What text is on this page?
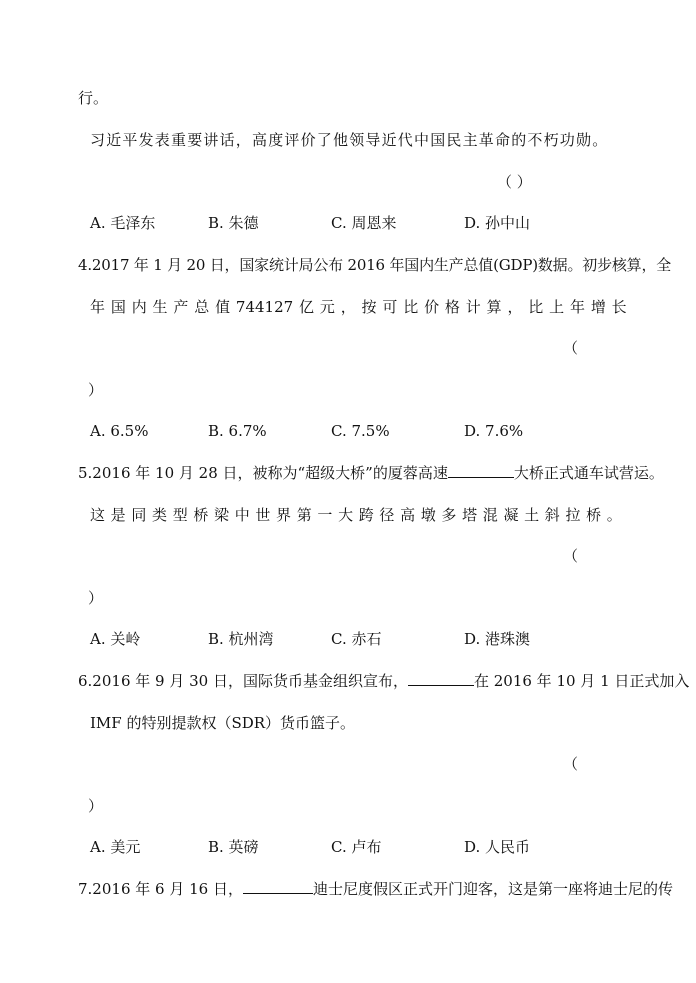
行。
习近平发表重要讲话，高度评价了他领导近代中国民主革命的不朽功勋。
（ ）
A. 毛泽东	B. 朱德	C. 周恩来	D. 孙中山
4.2017 年 1 月 20 日，国家统计局公布 2016 年国内生产总值(GDP)数据。初步核算，全
年 国 内 生 产 总 值 744127 亿 元 ， 按 可 比 价 格 计 算 ， 比 上 年 增 长
（
）
A. 6.5%	B. 6.7%	C. 7.5%	D. 7.6%
5.2016 年 10 月 28 日，被称为“超级大桥”的厦蓉高速	大桥正式通车试营运。
这 是 同 类 型 桥 梁 中 世 界 第 一 大 跨 径 高 墩 多 塔 混 凝 土 斜 拉 桥 。
（
）
A. 关岭	B. 杭州湾	C. 赤石	D. 港珠澳
6.2016 年 9 月 30 日，国际货币基金组织宣布，	在 2016 年 10 月 1 日正式加入
IMF 的特别提款权（SDR）货币篮子。
（
）
A. 美元	B. 英磅	C. 卢布	D. 人民币
7.2016 年 6 月 16 日，	迪士尼度假区正式开门迎客，这是第一座将迪士尼的传
